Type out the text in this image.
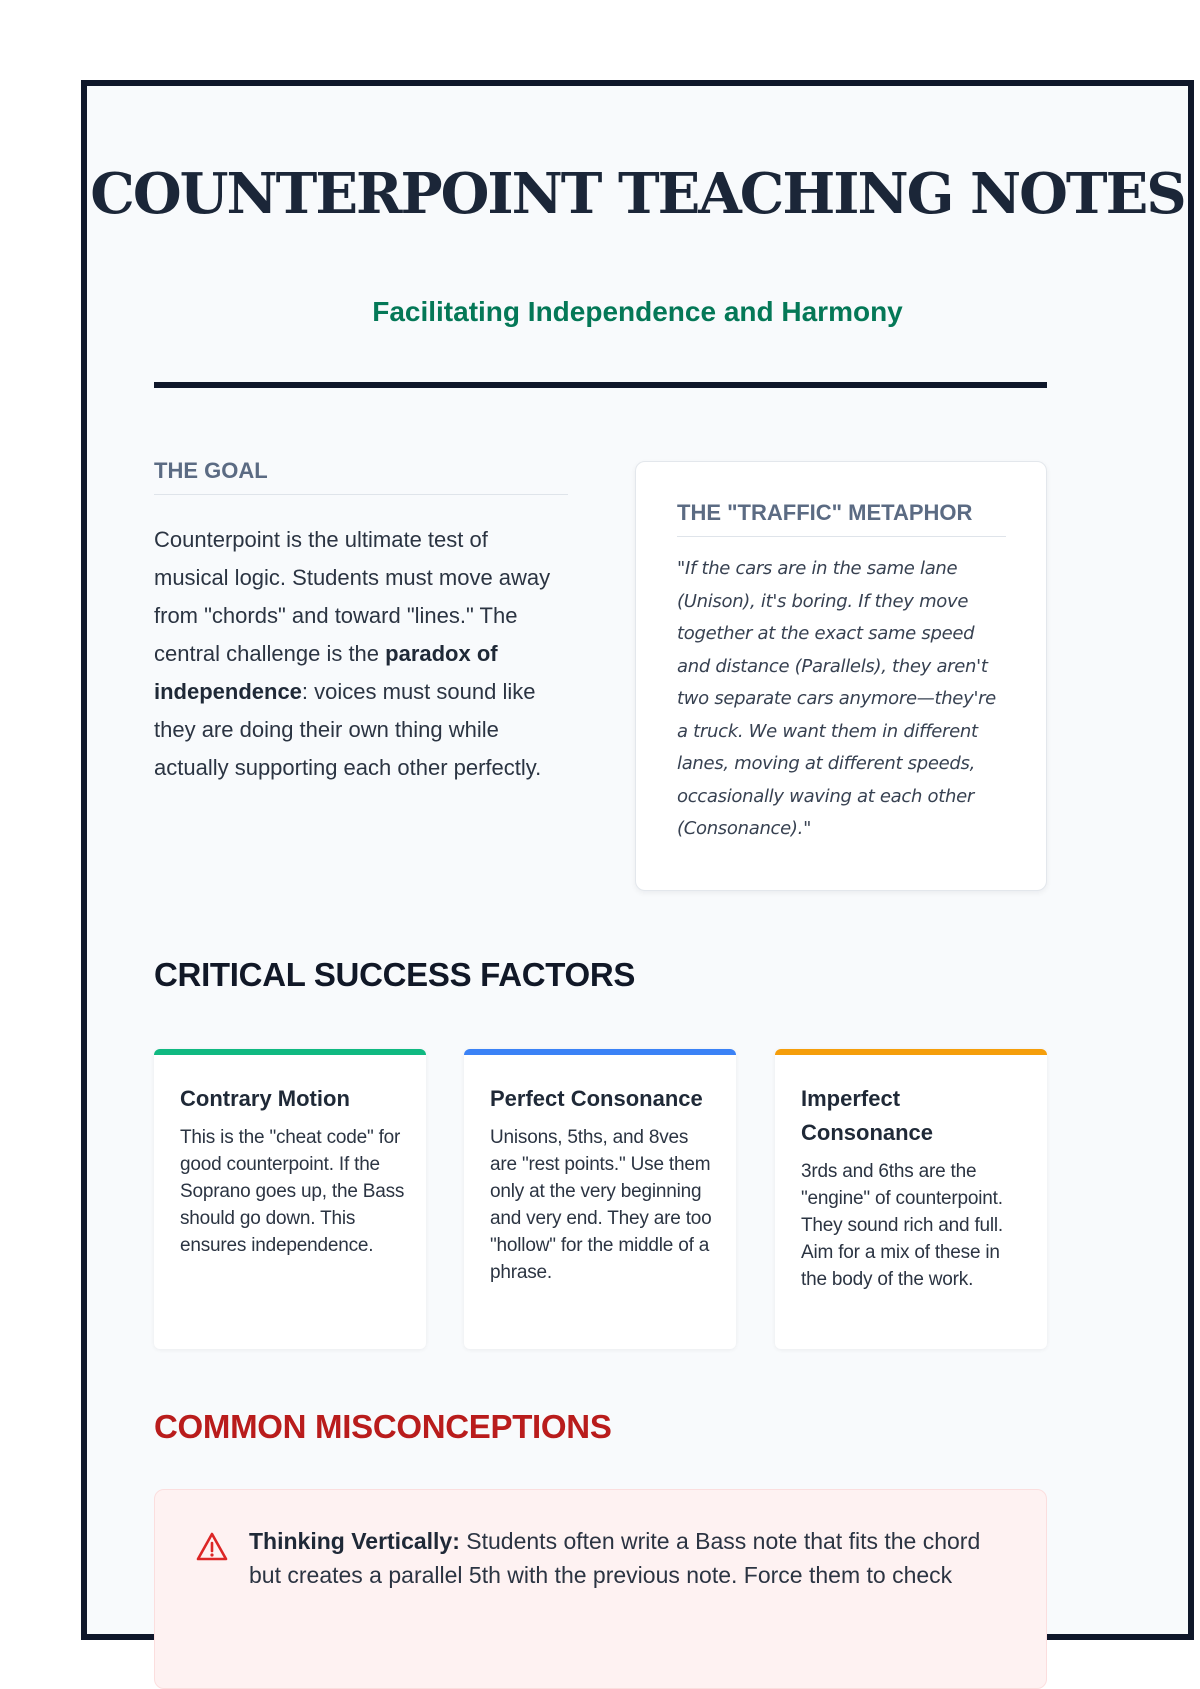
COUNTERPOINT TEACHING NOTES
Facilitating Independence and Harmony
THE GOAL

Counterpoint is the ultimate test of musical logic. Students must move away from "chords" and toward "lines." The central challenge is the paradox of independence: voices must sound like they are doing their own thing while actually supporting each other perfectly.

THE "TRAFFIC" METAPHOR

"If the cars are in the same lane (Unison), it's boring. If they move together at the exact same speed and distance (Parallels), they aren't two separate cars anymore—they're a truck. We want them in different lanes, moving at different speeds, occasionally waving at each other (Consonance)."

CRITICAL SUCCESS FACTORS
Contrary Motion

This is the "cheat code" for good counterpoint. If the Soprano goes up, the Bass should go down. This ensures independence.

Perfect Consonance

Unisons, 5ths, and 8ves are "rest points." Use them only at the very beginning and very end. They are too "hollow" for the middle of a phrase.

Imperfect Consonance

3rds and 6ths are the "engine" of counterpoint. They sound rich and full. Aim for a mix of these in the body of the work.

COMMON MISCONCEPTIONS

Thinking Vertically: Students often write a Bass note that fits the chord but creates a parallel 5th with the previous note. Force them to check
